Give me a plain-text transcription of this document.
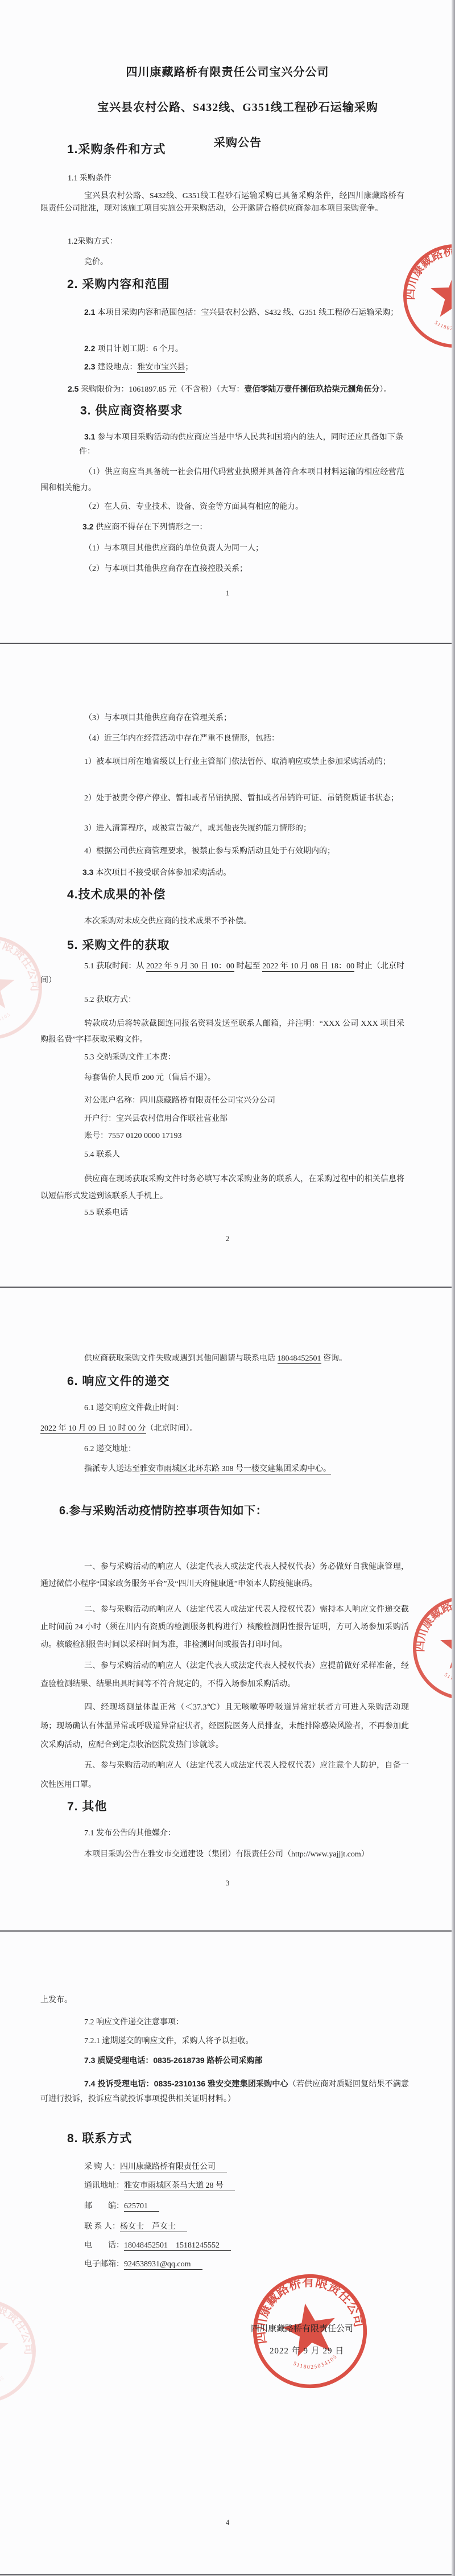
四川康藏路桥有限责任公司宝兴分公司

宝兴县农村公路、S432线、G351线工程砂石运输采购

采购公告

1.采购条件和方式
1.1 采购条件
宝兴县农村公路、S432线、G351线工程砂石运输采购已具备采购条件，经四川康藏路桥有限责任公司批准，现对该施工项目实施公开采购活动，公开邀请合格供应商参加本项目采购竞争。
1.2采购方式：
竞价。
2. 采购内容和范围
2.1 本项目采购内容和范围包括：宝兴县农村公路、S432 线、G351 线工程砂石运输采购；
2.2 项目计划工期：6 个月。
2.3 建设地点：雅安市宝兴县；
2.5 采购限价为：1061897.85 元（不含税）（大写：壹佰零陆万壹仟捌佰玖拾柒元捌角伍分）。
3. 供应商资格要求
3.1 参与本项目采购活动的供应商应当是中华人民共和国境内的法人，同时还应具备如下条件：
（1）供应商应当具备统一社会信用代码营业执照并具备符合本项目材料运输的相应经营范围和相关能力。
（2）在人员、专业技术、设备、资金等方面具有相应的能力。
3.2 供应商不得存在下列情形之一：
（1）与本项目其他供应商的单位负责人为同一人；
（2）与本项目其他供应商存在直接控股关系；
1
（3）与本项目其他供应商存在管理关系；
（4）近三年内在经营活动中存在严重不良情形，包括：
1）被本项目所在地省级以上行业主管部门依法暂停、取消响应或禁止参加采购活动的；
2）处于被责令停产停业、暂扣或者吊销执照、暂扣或者吊销许可证、吊销资质证书状态；
3）进入清算程序，或被宣告破产，或其他丧失履约能力情形的；
4）根据公司供应商管理要求，被禁止参与采购活动且处于有效期内的；
3.3 本次项目不接受联合体参加采购活动。
4.技术成果的补偿
本次采购对未成交供应商的技术成果不予补偿。
5. 采购文件的获取
5.1 获取时间：从 2022 年 9 月 30 日 10：00 时起至 2022 年 10 月 08 日 18：00 时止（北京时间）
5.2 获取方式：
转款成功后将转款截图连同报名资料发送至联系人邮箱，并注明：“XXX 公司 XXX 项目采购报名费”字样获取采购文件。
5.3 交纳采购文件工本费：
每套售价人民币 200 元（售后不退）。
对公账户名称：四川康藏路桥有限责任公司宝兴分公司
开户行：宝兴县农村信用合作联社营业部
账号：7557 0120 0000 17193
5.4 联系人
供应商在现场获取采购文件时务必填写本次采购业务的联系人，在采购过程中的相关信息将以短信形式发送到该联系人手机上。
5.5 联系电话
2
供应商获取采购文件失败或遇到其他问题请与联系电话 18048452501 咨询。
6. 响应文件的递交
6.1 递交响应文件截止时间：
2022 年 10 月 09 日 10 时 00 分（北京时间）。
6.2 递交地址：
指派专人送达至雅安市雨城区北环东路 308 号一楼交建集团采购中心。
6.参与采购活动疫情防控事项告知如下：
一、参与采购活动的响应人（法定代表人或法定代表人授权代表）务必做好自我健康管理，通过微信小程序“国家政务服务平台”及“四川天府健康通”申领本人防疫健康码。
二、参与采购活动的响应人（法定代表人或法定代表人授权代表）需持本人响应文件递交截止时间前 24 小时（须在川内有资质的检测服务机构进行）核酸检测阴性报告证明，方可入场参加采购活动。核酸检测报告时间以采样时间为准，非检测时间或报告打印时间。
三、参与采购活动的响应人（法定代表人或法定代表人授权代表）应提前做好采样准备，经查验检测结果、结果出具时间等不符合规定的，不得入场参加采购活动。
四、经现场测量体温正常（＜37.3℃）且无咳嗽等呼吸道异常症状者方可进入采购活动现场；现场确认有体温异常或呼吸道异常症状者，经医院医务人员排查，未能排除感染风险者，不再参加此次采购活动，应配合到定点收治医院发热门诊就诊。
五、参与采购活动的响应人（法定代表人或法定代表人授权代表）应注意个人防护，自备一次性医用口罩。
7. 其他
7.1 发布公告的其他媒介：
本项目采购公告在雅安市交通建设（集团）有限责任公司（http://www.yajjjt.com）
3
上发布。
7.2 响应文件递交注意事项：
7.2.1 逾期递交的响应文件，采购人将予以拒收。
7.3 质疑受理电话：0835-2618739 路桥公司采购部
7.4 投诉受理电话：0835-2310136 雅安交建集团采购中心（若供应商对质疑回复结果不满意可进行投诉，投诉应当就投诉事项提供相关证明材料。）
8. 联系方式
采 购 人：四川康藏路桥有限责任公司
通讯地址：雅安市雨城区茶马大道 28 号
邮　　编：625701
联 系 人：杨女士　芦女士
电　　话：18048452501　15181245552
电子邮箱：924538931@qq.com
四川康藏路桥有限责任公司
2022 年 9 月 29 日
4
